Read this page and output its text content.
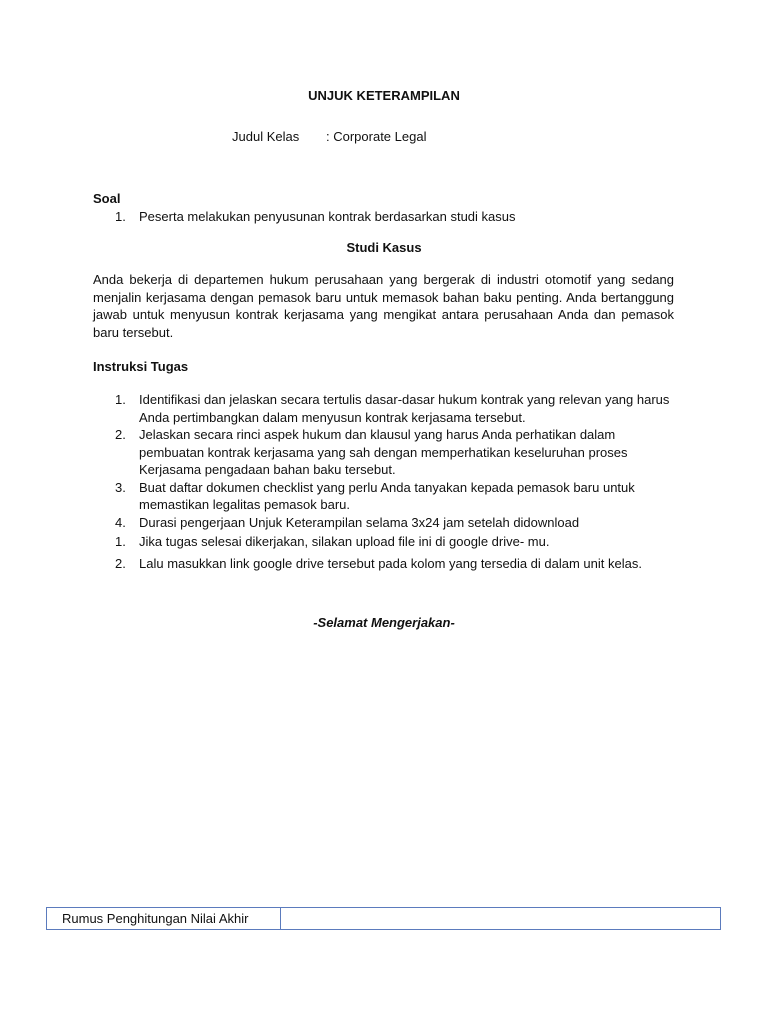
UNJUK KETERAMPILAN
Judul Kelas : Corporate Legal
Soal
1. Peserta melakukan penyusunan kontrak berdasarkan studi kasus
Studi Kasus
Anda bekerja di departemen hukum perusahaan yang bergerak di industri otomotif yang sedang menjalin kerjasama dengan pemasok baru untuk memasok bahan baku penting. Anda bertanggung jawab untuk menyusun kontrak kerjasama yang mengikat antara perusahaan Anda dan pemasok baru tersebut.
Instruksi Tugas
1. Identifikasi dan jelaskan secara tertulis dasar-dasar hukum kontrak yang relevan yang harus Anda pertimbangkan dalam menyusun kontrak kerjasama tersebut.
2. Jelaskan secara rinci aspek hukum dan klausul yang harus Anda perhatikan dalam pembuatan kontrak kerjasama yang sah dengan memperhatikan keseluruhan proses Kerjasama pengadaan bahan baku tersebut.
3. Buat daftar dokumen checklist yang perlu Anda tanyakan kepada pemasok baru untuk memastikan legalitas pemasok baru.
4. Durasi pengerjaan Unjuk Keterampilan selama 3x24 jam setelah didownload
1. Jika tugas selesai dikerjakan, silakan upload file ini di google drive- mu.
2. Lalu masukkan link google drive tersebut pada kolom yang tersedia di dalam unit kelas.
-Selamat Mengerjakan-
Rumus Penghitungan Nilai Akhir	
